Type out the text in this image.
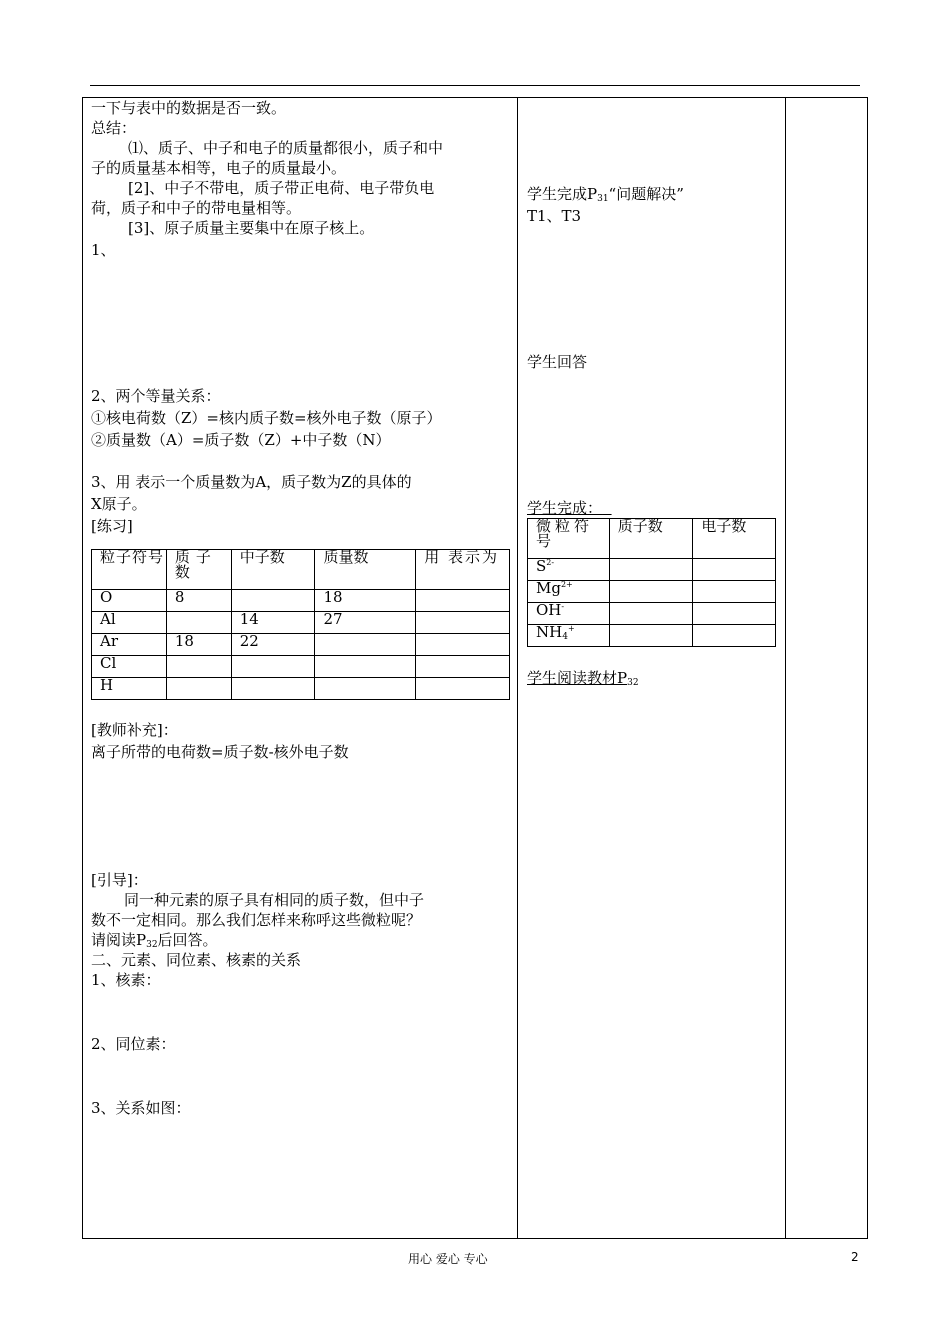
一下与表中的数据是否一致。
总结：
⑴、质子、中子和电子的质量都很小，质子和中
子的质量基本相等，电子的质量最小。
[2]、中子不带电，质子带正电荷、电子带负电
荷，质子和中子的带电量相等。
[3]、原子质量主要集中在原子核上。
1、
2、两个等量关系：
①核电荷数（Z）=核内质子数=核外电子数（原子）
②质量数（A）=质子数（Z）+中子数（N）
3、用 表示一个质量数为A，质子数为Z的具体的
X原子。
[练习]
粒子符号	质子数	中子数	质量数	用 表示为
O	8		18	
Al		14	27	
Ar	18	22		
Cl				
H				
[教师补充]：
离子所带的电荷数=质子数-核外电子数
[引导]：
同一种元素的原子具有相同的质子数，但中子
数不一定相同。那么我们怎样来称呼这些微粒呢？
请阅读$P_{32}$后回答。
二、元素、同位素、核素的关系
1、核素：
2、同位素：
3、关系如图：
学生完成$P_{31}“$问题解决”
T1、T3
学生回答
学生完成：
微粒符号	质子数	电子数
$S^{2-}$		
$Mg^{2+}$		
OH-		
$NH_4^+$		
学生阅读教材$P_{32}$
用心 爱心 专心	2
